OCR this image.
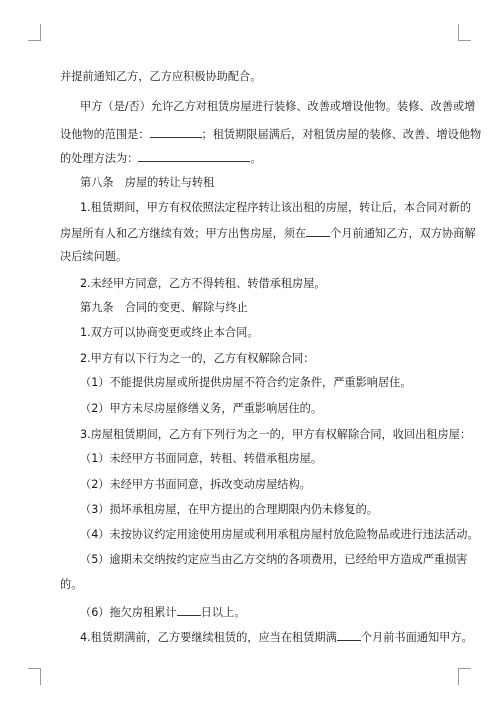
并提前通知乙方，乙方应积极协助配合。
甲方（是/否）允许乙方对租赁房屋进行装修、改善或增设他物。装修、改善或增
设他物的范围是：	；租赁期限届满后，对租赁房屋的装修、改善、增设他物
的处理方法为：	。
第八条　房屋的转让与转租
1.租赁期间，甲方有权依照法定程序转让该出租的房屋，转让后，本合同对新的
房屋所有人和乙方继续有效；甲方出售房屋，须在 个月前通知乙方，双方协商解
决后续问题。
2.未经甲方同意，乙方不得转租、转借承租房屋。
第九条　合同的变更、解除与终止
1.双方可以协商变更或终止本合同。
2.甲方有以下行为之一的，乙方有权解除合同：
（1）不能提供房屋或所提供房屋不符合约定条件，严重影响居住。
（2）甲方未尽房屋修缮义务，严重影响居住的。
3.房屋租赁期间，乙方有下列行为之一的，甲方有权解除合同，收回出租房屋：
（1）未经甲方书面同意，转租、转借承租房屋。
（2）未经甲方书面同意，拆改变动房屋结构。
（3）损坏承租房屋，在甲方提出的合理期限内仍未修复的。
（4）未按协议约定用途使用房屋或利用承租房屋村放危险物品或进行违法活动。
（5）逾期未交纳按约定应当由乙方交纳的各项费用，已经给甲方造成严重损害
的。
（6）拖欠房租累计 日以上。
4.租赁期满前，乙方要继续租赁的，应当在租赁期满 个月前书面通知甲方。
